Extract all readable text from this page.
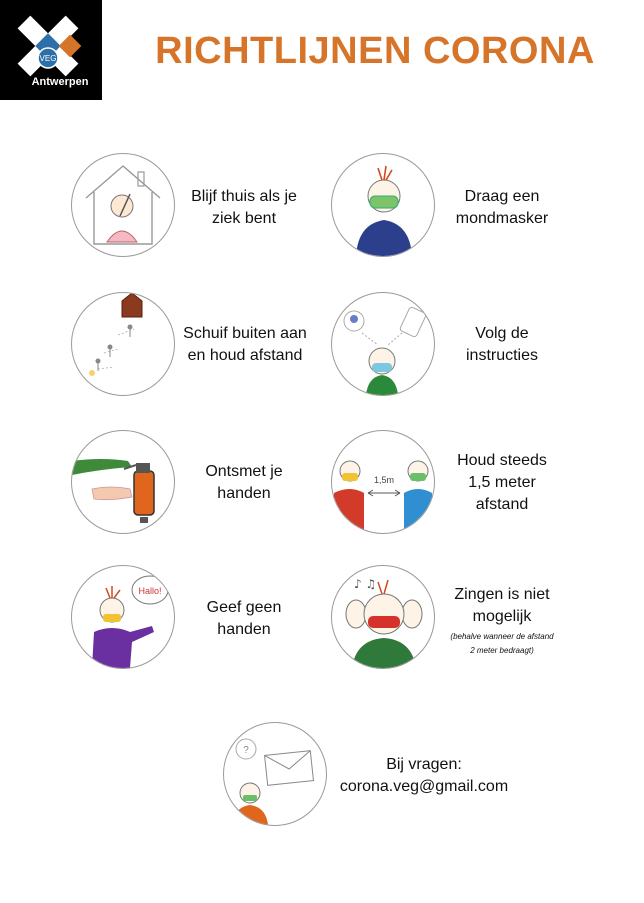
VEG
Antwerpen
RICHTLIJNEN CORONA
Blijf thuis als je
ziek bent
Draag een
mondmasker
Schuif buiten aan
en houd afstand
Volg de
instructies
Ontsmet je
handen
1,5m
Houd steeds
1,5 meter
afstand
Hallo!
Geef geen
handen
♪ ♫
Zingen is niet
mogelijk
(behalve wanneer de afstand
2 meter bedraagt)
?
Bij vragen:
corona.veg@gmail.com
